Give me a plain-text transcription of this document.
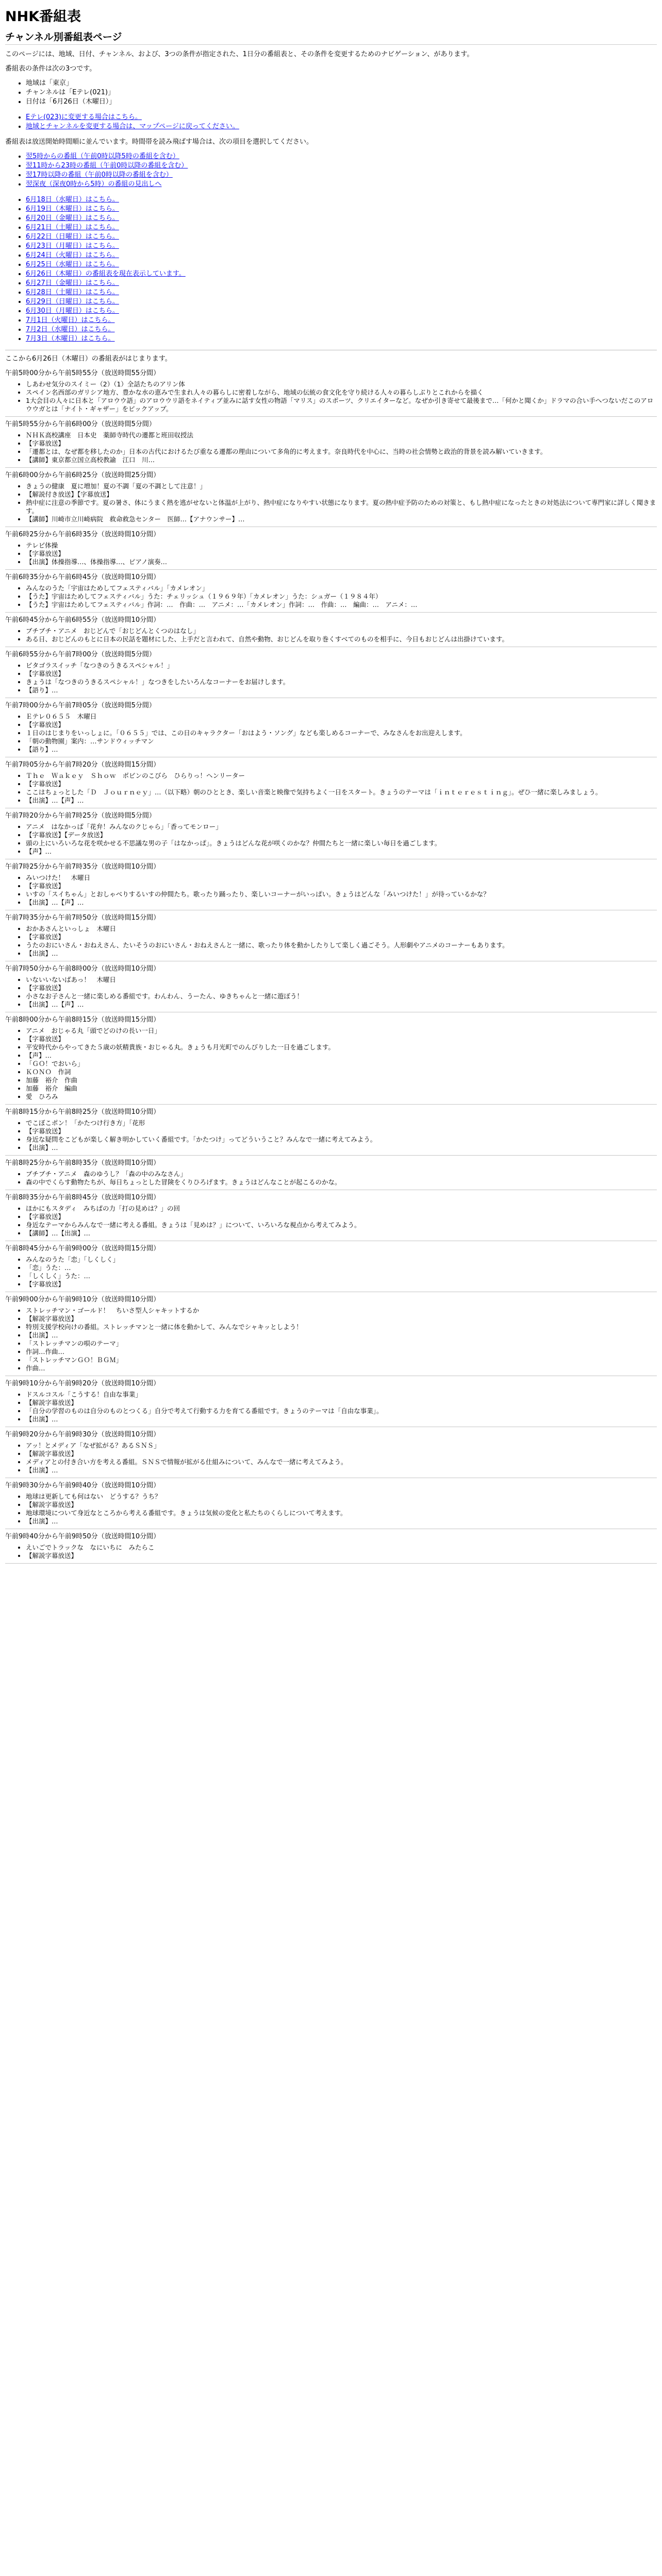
NHK番組表
チャンネル別番組表ページ

このページには、地域、日付、チャンネル、および、3つの条件が指定された、1日分の番組表と、その条件を変更するためのナビゲーション、があります。

番組表の条件は次の3つです。

• 地域は「東京」
• チャンネルは「Eテレ(021)」
• 日付は「6月26日（木曜日）」
• Eテレ(023)に変更する場合はこちら。
• 地域とチャンネルを変更する場合は、マップページに戻ってください。

番組表は放送開始時間順に並んでいます。時間帯を読み飛ばす場合は、次の項目を選択してください。

• 翌5時からの番組（午前0時以降5時の番組を含む）
• 翌11時から23時の番組（午前0時以降の番組を含む）
• 翌17時以降の番組（午前0時以降の番組を含む）
• 翌深夜（深夜0時から5時）の番組の見出しへ
• 6月18日（水曜日）はこちら。
• 6月19日（木曜日）はこちら。
• 6月20日（金曜日）はこちら。
• 6月21日（土曜日）はこちら。
• 6月22日（日曜日）はこちら。
• 6月23日（月曜日）はこちら。
• 6月24日（火曜日）はこちら。
• 6月25日（水曜日）はこちら。
• 6月26日（木曜日）の番組表を現在表示しています。
• 6月27日（金曜日）はこちら。
• 6月28日（土曜日）はこちら。
• 6月29日（日曜日）はこちら。
• 6月30日（月曜日）はこちら。
• 7月1日（火曜日）はこちら。
• 7月2日（水曜日）はこちら。
• 7月3日（木曜日）はこちら。

ここから6月26日（木曜日）の番組表がはじまります。

午前5時00分から午前5時55分（放送時間55分間）
• しあわせ気分のスイミー（2）（1）全話たちのアリン体
• スペイン名西部のガリシア地方、豊かな水の恵みで生まれ人々の暮らしに密着しながら、地域の伝統の食文化を守り続ける人々の暮らしぶりとこれからを描く
• 1大会目の人々に日本と「アロウウ語」のアロウウリ語をネイティブ並みに話す女性の物語「マリス」のスポーツ、クリエイターなど。なぜか引き寄せて最後まで…「何かと聞くか」ドラマの合い手へつないだこのアロウウガとは「ナイト・ギャザー」をピックアップ。
午前5時55分から午前6時00分（放送時間5分間）
• ＮＨＫ高校講座　日本史　薬師寺時代の遷都と班田収授法
• 【字幕放送】
• 「遷都とは、なぜ都を移したのか」日本の古代におけるたび重なる遷都の理由について多角的に考えます。奈良時代を中心に、当時の社会情勢と政治的背景を読み解いていきます。
• 【講師】東京都立国立高校教諭　江口　川…
午前6時00分から午前6時25分（放送時間25分間）
• きょうの健康　夏に増加！夏の不調「夏の不調として注意！」
• 【解説付き放送】【字幕放送】
• 熱中症に注意の季節です。夏の暑さ、体にうまく熱を逃がせないと体温が上がり、熱中症になりやすい状態になります。夏の熱中症予防のための対策と、もし熱中症になったときの対処法について専門家に詳しく聞きます。
• 【講師】川崎市立川崎病院　救命救急センター　医師…【アナウンサー】…
午前6時25分から午前6時35分（放送時間10分間）
• テレビ体操
• 【字幕放送】
• 【出演】体操指導…、体操指導…、ピアノ演奏…
午前6時35分から午前6時45分（放送時間10分間）
• みんなのうた「宇宙はためしてフェスティバル」「カメレオン」
• 【うた】宇宙はためしてフェスティバル」うた：チェリッシュ（１９６９年）「カメレオン」うた：シュガー（１９８４年）
• 【うた】宇宙はためしてフェスティバル」作詞：…　作曲：…　アニメ：…「カメレオン」作詞：…　作曲：…　編曲：…　アニメ：…
午前6時45分から午前6時55分（放送時間10分間）
• ブチブチ・アニメ　おじどんで「おじどんとくつのはなし」
• ある日、おじどんのもとに日本の民話を題材にした、上手だと言われて、自然や動物、おじどんを取り巻くすべてのものを相手に、今日もおじどんは出掛けています。
午前6時55分から午前7時00分（放送時間5分間）
• ビタゴラスイッチ「なつきのうきるスペシャル！」
• 【字幕放送】
• きょうは「なつきのうきるスペシャル！」なつきをしたいろんなコーナーをお届けします。
• 【語り】…
午前7時00分から午前7時05分（放送時間5分間）
• Ｅテレ０６５５　木曜日
• 【字幕放送】
• １日のはじまりをいっしょに。「０６５５」では、この日のキャラクター「おはよう・ソング」なども楽しめるコーナーで、みなさんをお出迎えします。
• 「朝の動物園」案内：…サンドウィッチマン
• 【語り】…
午前7時05分から午前7時20分（放送時間15分間）
• Ｔｈｅ　Ｗａｋｅｙ　Ｓｈｏｗ　ボビンのこびら　ひらりっ！ヘンリーター
• 【字幕放送】
• ここはちょっとした「Ｄ　Ｊｏｕｒｎｅｙ」…（以下略）朝のひととき、楽しい音楽と映像で気持ちよく一日をスタート。きょうのテーマは「ｉｎｔｅｒｅｓｔｉｎｇ」。ぜひ一緒に楽しみましょう。
• 【出演】…【声】…
午前7時20分から午前7時25分（放送時間5分間）
• アニメ　はなかっぱ「花弁！みんなのクじゃら」「香ってモンロー」
• 【字幕放送】【データ放送】
• 頭の上にいろいろな花を咲かせる不思議な男の子「はなかっぱ」。きょうはどんな花が咲くのかな？仲間たちと一緒に楽しい毎日を過ごします。
• 【声】…
午前7時25分から午前7時35分（放送時間10分間）
• みいつけた！　木曜日
• 【字幕放送】
• いすの「スイちゃん」とおしゃべりするいすの仲間たち。歌ったり踊ったり、楽しいコーナーがいっぱい。きょうはどんな「みいつけた！」が待っているかな？
• 【出演】…【声】…
午前7時35分から午前7時50分（放送時間15分間）
• おかあさんといっしょ　木曜日
• 【字幕放送】
• うたのおにいさん・おねえさん、たいそうのおにいさん・おねえさんと一緒に、歌ったり体を動かしたりして楽しく過ごそう。人形劇やアニメのコーナーもあります。
• 【出演】…
午前7時50分から午前8時00分（放送時間10分間）
• いないいないばあっ！　木曜日
• 【字幕放送】
• 小さなお子さんと一緒に楽しめる番組です。わんわん、うーたん、ゆきちゃんと一緒に遊ぼう！
• 【出演】…【声】…
午前8時00分から午前8時15分（放送時間15分間）
• アニメ　おじゃる丸「頭でどのけの長い一日」
• 【字幕放送】
• 平安時代からやってきた５歳の妖精貴族・おじゃる丸。きょうも月光町でのんびりした一日を過ごします。
• 【声】…
• 「ＧＯ！でおいら」
• ＫＯＮＯ　作詞
• 加藤　裕介　作曲
• 加藤　裕介　編曲
• 愛　ひろみ
午前8時15分から午前8時25分（放送時間10分間）
• でこぼこポン！「かたつけ行き方」「花形
• 【字幕放送】
• 身近な疑問をこどもが楽しく解き明かしていく番組です。「かたつけ」ってどういうこと？みんなで一緒に考えてみよう。
• 【出演】…
午前8時25分から午前8時35分（放送時間10分間）
• ブチブチ・アニメ　森のゆうし？「森の中のみなさん」
• 森の中でくらす動物たちが、毎日ちょっとした冒険をくりひろげます。きょうはどんなことが起こるのかな。
午前8時35分から午前8時45分（放送時間10分間）
• ほかにもスタディ　みちぱの力「打の見めは？」の回
• 【字幕放送】
• 身近なテーマからみんなで一緒に考える番組。きょうは「見めは？」について、いろいろな視点から考えてみよう。
• 【講師】…【出演】…
午前8時45分から午前9時00分（放送時間15分間）
• みんなのうた「恋」「しくしく」
• 「恋」うた：…
• 「しくしく」うた：…
• 【字幕放送】
午前9時00分から午前9時10分（放送時間10分間）
• ストレッチマン・ゴールド！　ちいさ型人シャキットするか
• 【解説字幕放送】
• 特別支援学校向けの番組。ストレッチマンと一緒に体を動かして、みんなでシャキッとしよう！
• 【出演】…
• 「ストレッチマンの唄のテーマ」
• 作詞…作曲…
• 「ストレッチマンＧＯ！ＢＧＭ」
• 作曲…
午前9時10分から午前9時20分（放送時間10分間）
• ドスルコスル「こうする！自由な事業」
• 【解説字幕放送】
• 「自分の学習のものは自分のものとつくる」自分で考えて行動する力を育てる番組です。きょうのテーマは「自由な事業」。
• 【出演】…
午前9時20分から午前9時30分（放送時間10分間）
• アッ！とメディア「なぜ拡がる？あるＳＮＳ」
• 【解説字幕放送】
• メディアとの付き合い方を考える番組。ＳＮＳで情報が拡がる仕組みについて、みんなで一緒に考えてみよう。
• 【出演】…
午前9時30分から午前9時40分（放送時間10分間）
• 地球は更新しても何はない　どうする？うち？
• 【解説字幕放送】
• 地球環境について身近なところから考える番組です。きょうは気候の変化と私たちのくらしについて考えます。
• 【出演】…
午前9時40分から午前9時50分（放送時間10分間）
• えいごでトラックな　なにいちに　みたらこ
• 【解説字幕放送】
